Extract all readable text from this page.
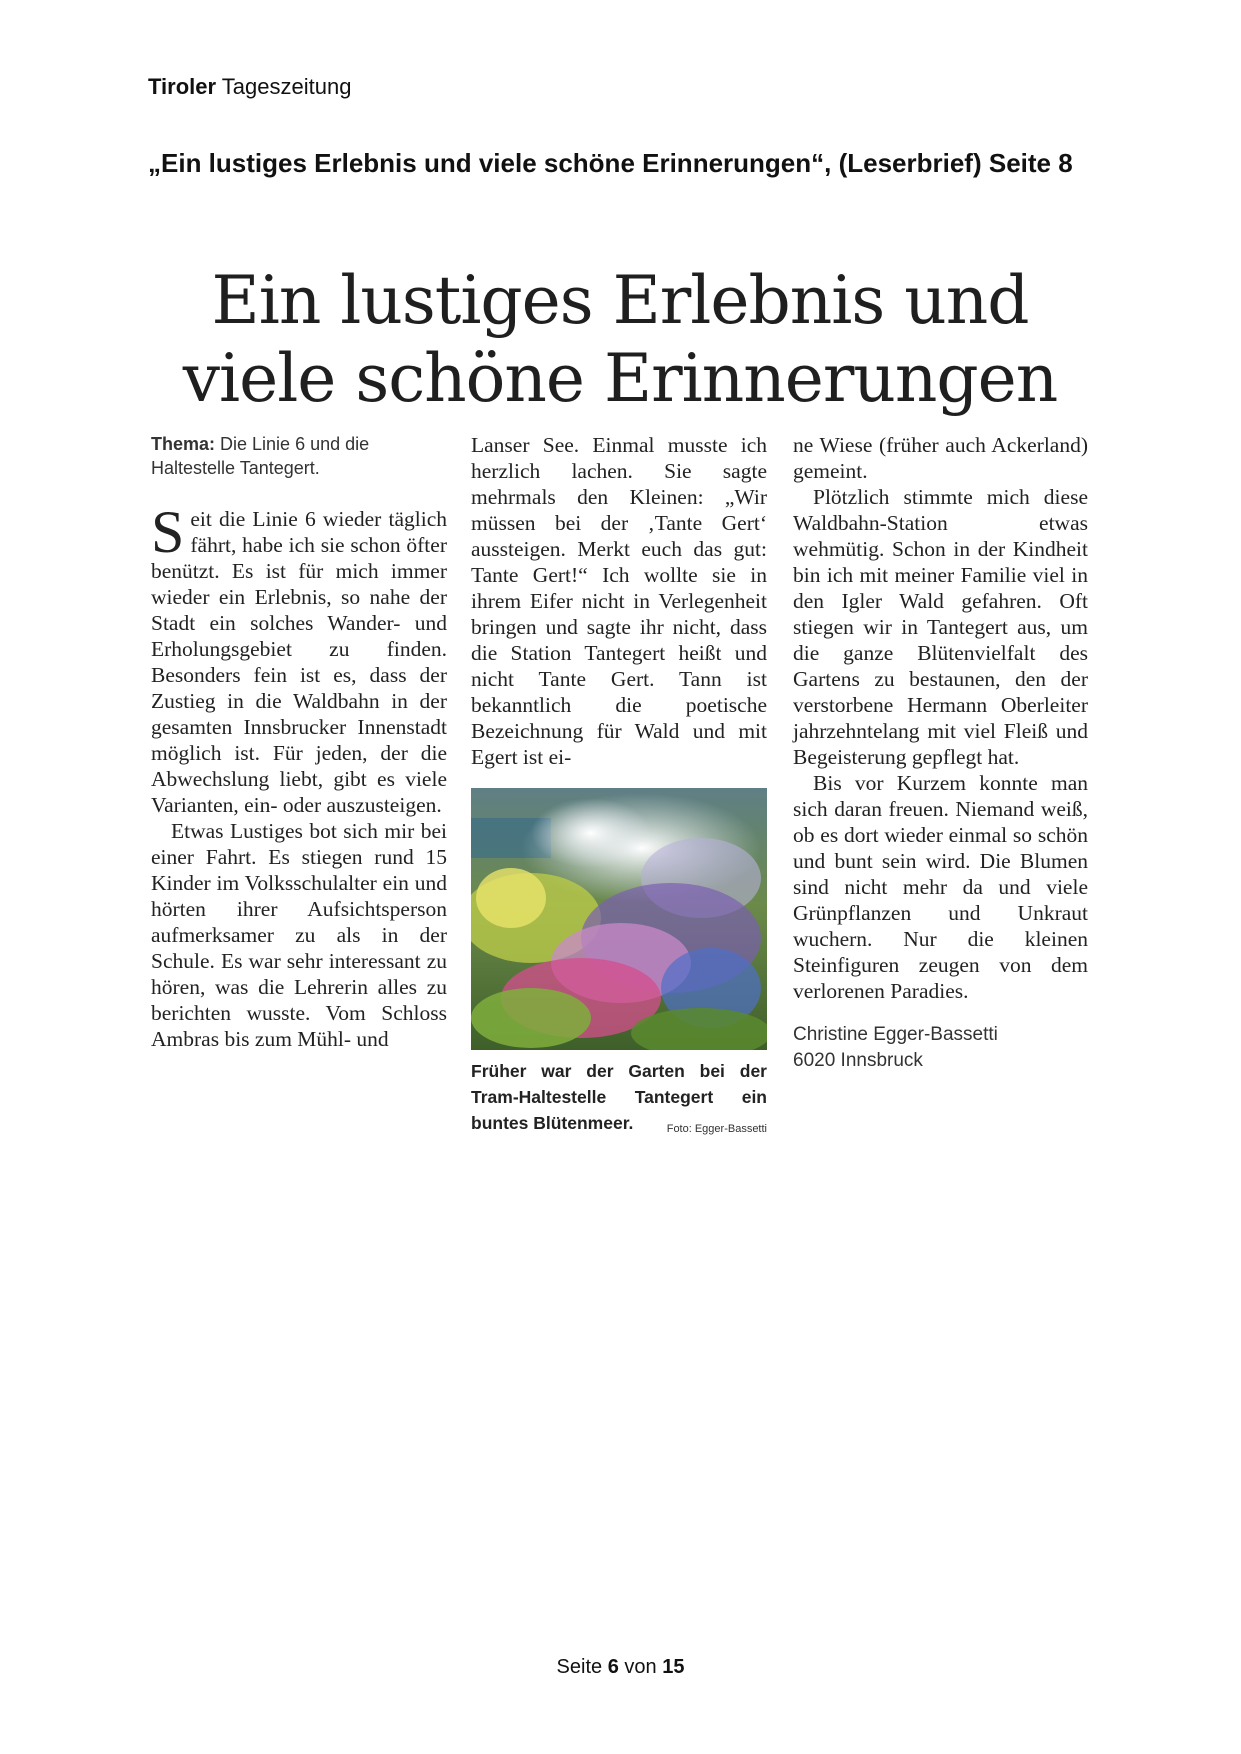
Tiroler Tageszeitung
„Ein lustiges Erlebnis und viele schöne Erinnerungen“, (Leserbrief) Seite 8
Ein lustiges Erlebnis und
viele schöne Erinnerungen

Thema: Die Linie 6 und die Haltestelle Tantegert.

Seit die Linie 6 wieder täglich fährt, habe ich sie schon öfter benützt. Es ist für mich immer wieder ein Erlebnis, so nahe der Stadt ein solches Wander- und Erholungsgebiet zu finden. Besonders fein ist es, dass der Zustieg in die Waldbahn in der gesamten Innsbrucker Innenstadt möglich ist. Für jeden, der die Abwechslung liebt, gibt es viele Varianten, ein- oder auszusteigen.

Etwas Lustiges bot sich mir bei einer Fahrt. Es stiegen rund 15 Kinder im Volksschulalter ein und hörten ihrer Aufsichtsperson aufmerksamer zu als in der Schule. Es war sehr interessant zu hören, was die Lehrerin alles zu berichten wusste. Vom Schloss Ambras bis zum Mühl- und

Lanser See. Einmal musste ich herzlich lachen. Sie sagte mehrmals den Kleinen: „Wir müssen bei der ‚Tante Gert‘ aussteigen. Merkt euch das gut: Tante Gert!“ Ich wollte sie in ihrem Eifer nicht in Verlegenheit bringen und sagte ihr nicht, dass die Station Tantegert heißt und nicht Tante Gert. Tann ist bekanntlich die poetische Bezeichnung für Wald und mit Egert ist ei-

Früher war der Garten bei der Tram-Haltestelle Tantegert ein buntes Blütenmeer.	Foto: Egger-Bassetti

ne Wiese (früher auch Ackerland) gemeint.

Plötzlich stimmte mich diese Waldbahn-Station etwas wehmütig. Schon in der Kindheit bin ich mit meiner Familie viel in den Igler Wald gefahren. Oft stiegen wir in Tantegert aus, um die ganze Blütenvielfalt des Gartens zu bestaunen, den der verstorbene Hermann Oberleiter jahrzehntelang mit viel Fleiß und Begeisterung gepflegt hat.

Bis vor Kurzem konnte man sich daran freuen. Niemand weiß, ob es dort wieder einmal so schön und bunt sein wird. Die Blumen sind nicht mehr da und viele Grünpflanzen und Unkraut wuchern. Nur die kleinen Steinfiguren zeugen von dem verlorenen Paradies.

Christine Egger-Bassetti
6020 Innsbruck
Seite 6 von 15
